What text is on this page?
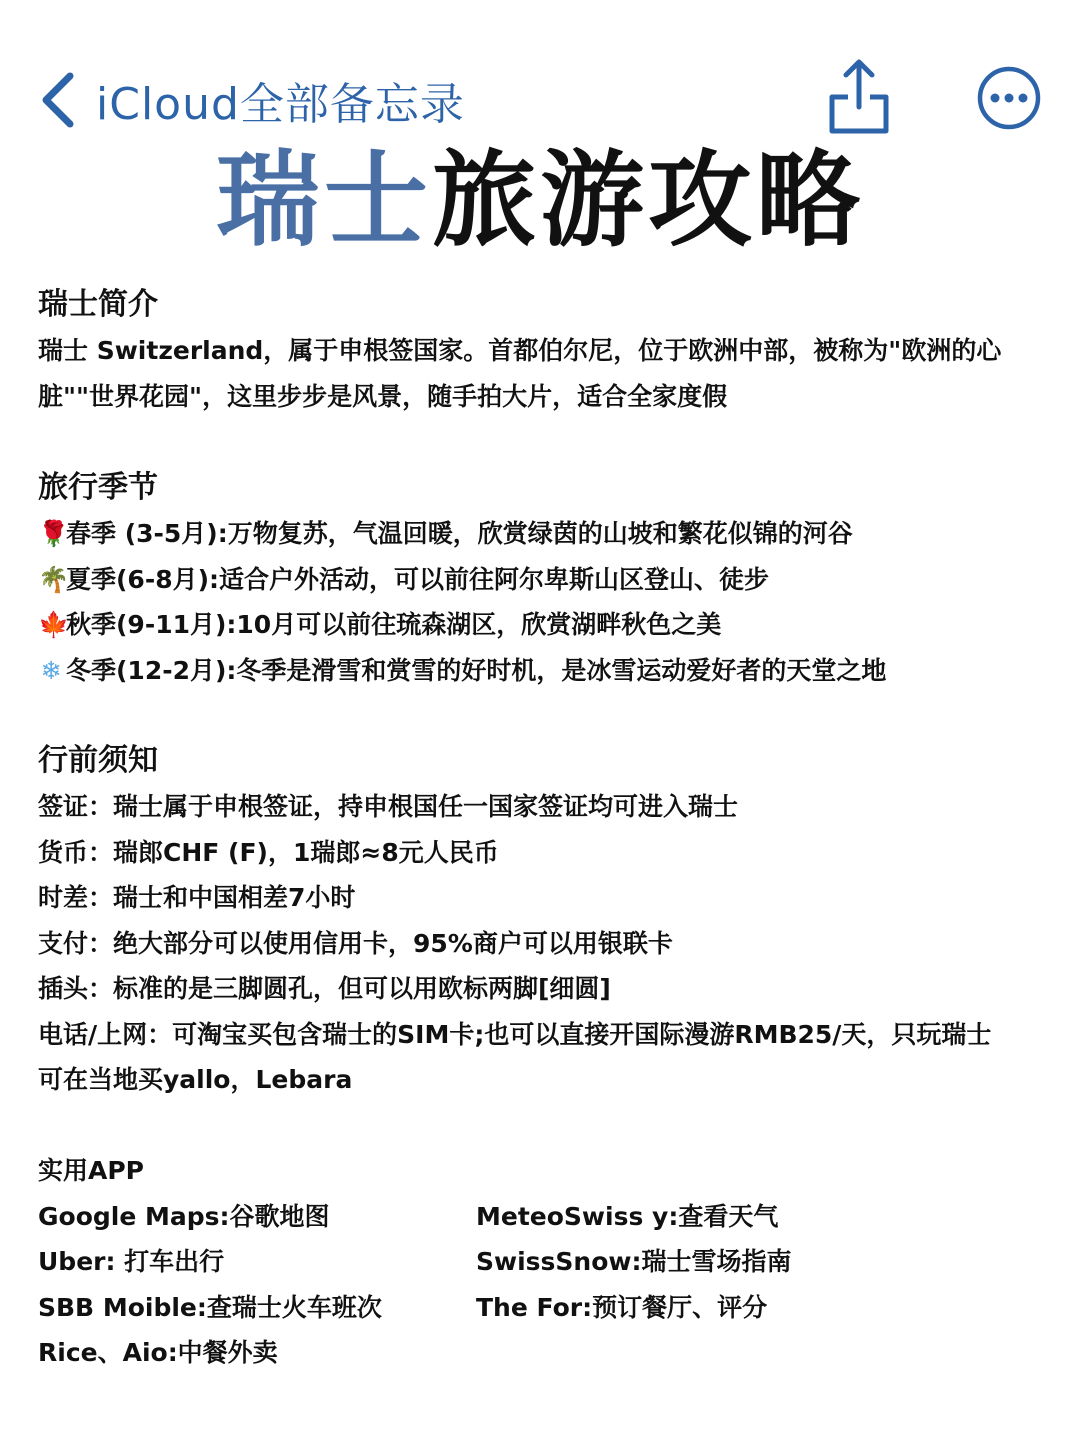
iCloud全部备忘录
瑞士旅游攻略

瑞士简介

瑞士 Switzerland，属于申根签国家。首都伯尔尼，位于欧洲中部，被称为"欧洲的心

脏""世界花园"，这里步步是风景，随手拍大片，适合全家度假

旅行季节

🌹春季 (3-5月):万物复苏，气温回暖，欣赏绿茵的山坡和繁花似锦的河谷

🌴夏季(6-8月):适合户外活动，可以前往阿尔卑斯山区登山、徒步

🍁秋季(9-11月):10月可以前往琉森湖区，欣赏湖畔秋色之美

❄ 冬季(12-2月):冬季是滑雪和赏雪的好时机，是冰雪运动爱好者的天堂之地

行前须知

签证：瑞士属于申根签证，持申根国任一国家签证均可进入瑞士

货币：瑞郎CHF (F)，1瑞郎≈8元人民币

时差：瑞士和中国相差7小时

支付：绝大部分可以使用信用卡，95%商户可以用银联卡

插头：标准的是三脚圆孔，但可以用欧标两脚[细圆]

电话/上网：可淘宝买包含瑞士的SIM卡;也可以直接开国际漫游RMB25/天，只玩瑞士

可在当地买yallo，Lebara

实用APP

Google Maps:谷歌地图	MeteoSwiss y:查看天气
Uber: 打车出行	SwissSnow:瑞士雪场指南
SBB Moible:查瑞士火车班次	The For:预订餐厅、评分
Rice、Aio:中餐外卖
